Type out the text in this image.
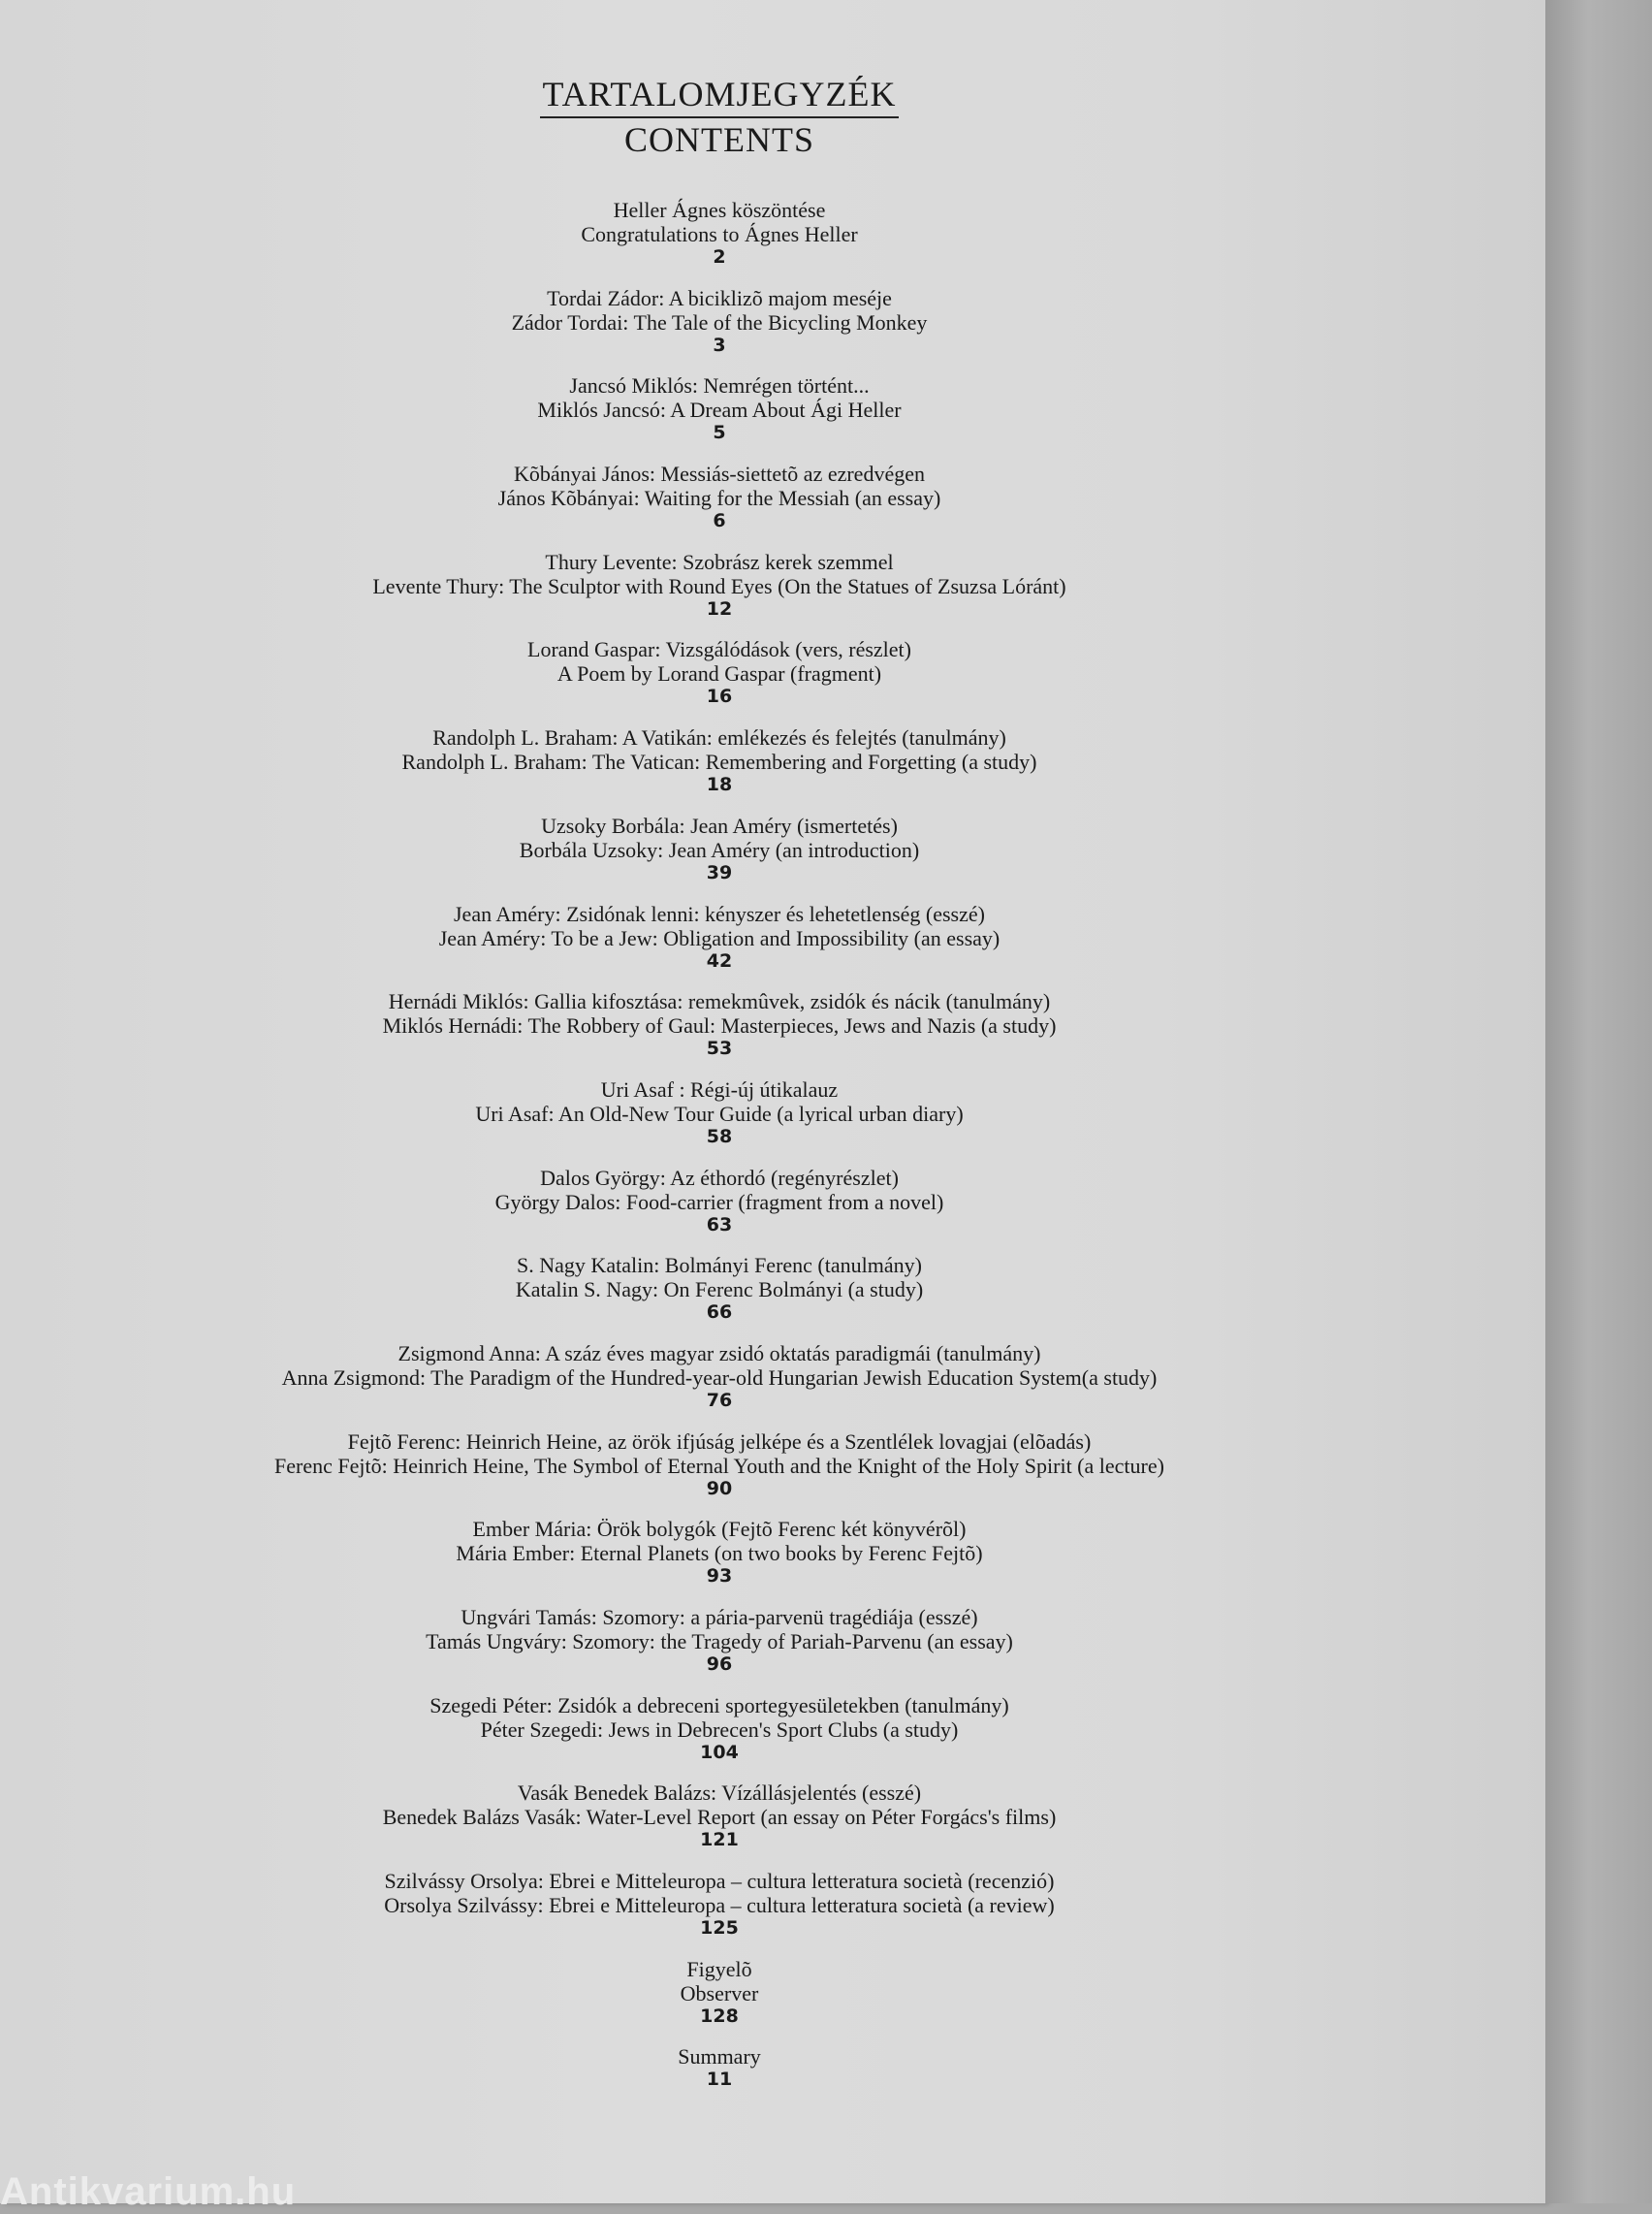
TARTALOMJEGYZÉK
CONTENTS
Heller Ágnes köszöntése
Congratulations to Ágnes Heller
2
Tordai Zádor: A biciklizõ majom meséje
Zádor Tordai: The Tale of the Bicycling Monkey
3
Jancsó Miklós: Nemrégen történt...
Miklós Jancsó: A Dream About Ági Heller
5
Kõbányai János: Messiás-siettetõ az ezredvégen
János Kõbányai: Waiting for the Messiah (an essay)
6
Thury Levente: Szobrász kerek szemmel
Levente Thury: The Sculptor with Round Eyes (On the Statues of Zsuzsa Lóránt)
12
Lorand Gaspar: Vizsgálódások (vers, részlet)
A Poem by Lorand Gaspar (fragment)
16
Randolph L. Braham: A Vatikán: emlékezés és felejtés (tanulmány)
Randolph L. Braham: The Vatican: Remembering and Forgetting (a study)
18
Uzsoky Borbála: Jean Améry (ismertetés)
Borbála Uzsoky: Jean Améry (an introduction)
39
Jean Améry: Zsidónak lenni: kényszer és lehetetlenség (esszé)
Jean Améry: To be a Jew: Obligation and Impossibility (an essay)
42
Hernádi Miklós: Gallia kifosztása: remekmûvek, zsidók és nácik (tanulmány)
Miklós Hernádi: The Robbery of Gaul: Masterpieces, Jews and Nazis (a study)
53
Uri Asaf : Régi-új útikalauz
Uri Asaf: An Old-New Tour Guide (a lyrical urban diary)
58
Dalos György: Az éthordó (regényrészlet)
György Dalos: Food-carrier (fragment from a novel)
63
S. Nagy Katalin: Bolmányi Ferenc (tanulmány)
Katalin S. Nagy: On Ferenc Bolmányi (a study)
66
Zsigmond Anna: A száz éves magyar zsidó oktatás paradigmái (tanulmány)
Anna Zsigmond: The Paradigm of the Hundred-year-old Hungarian Jewish Education System(a study)
76
Fejtõ Ferenc: Heinrich Heine, az örök ifjúság jelképe és a Szentlélek lovagjai (elõadás)
Ferenc Fejtõ: Heinrich Heine, The Symbol of Eternal Youth and the Knight of the Holy Spirit (a lecture)
90
Ember Mária: Örök bolygók (Fejtõ Ferenc két könyvérõl)
Mária Ember: Eternal Planets (on two books by Ferenc Fejtõ)
93
Ungvári Tamás: Szomory: a pária-parvenü tragédiája (esszé)
Tamás Ungváry: Szomory: the Tragedy of Pariah-Parvenu (an essay)
96
Szegedi Péter: Zsidók a debreceni sportegyesületekben (tanulmány)
Péter Szegedi: Jews in Debrecen's Sport Clubs (a study)
104
Vasák Benedek Balázs: Vízállásjelentés (esszé)
Benedek Balázs Vasák: Water-Level Report (an essay on Péter Forgács's films)
121
Szilvássy Orsolya: Ebrei e Mitteleuropa – cultura letteratura società (recenzió)
Orsolya Szilvássy: Ebrei e Mitteleuropa – cultura letteratura società (a review)
125
Figyelõ
Observer
128
Summary
11
Antikvarium.hu
